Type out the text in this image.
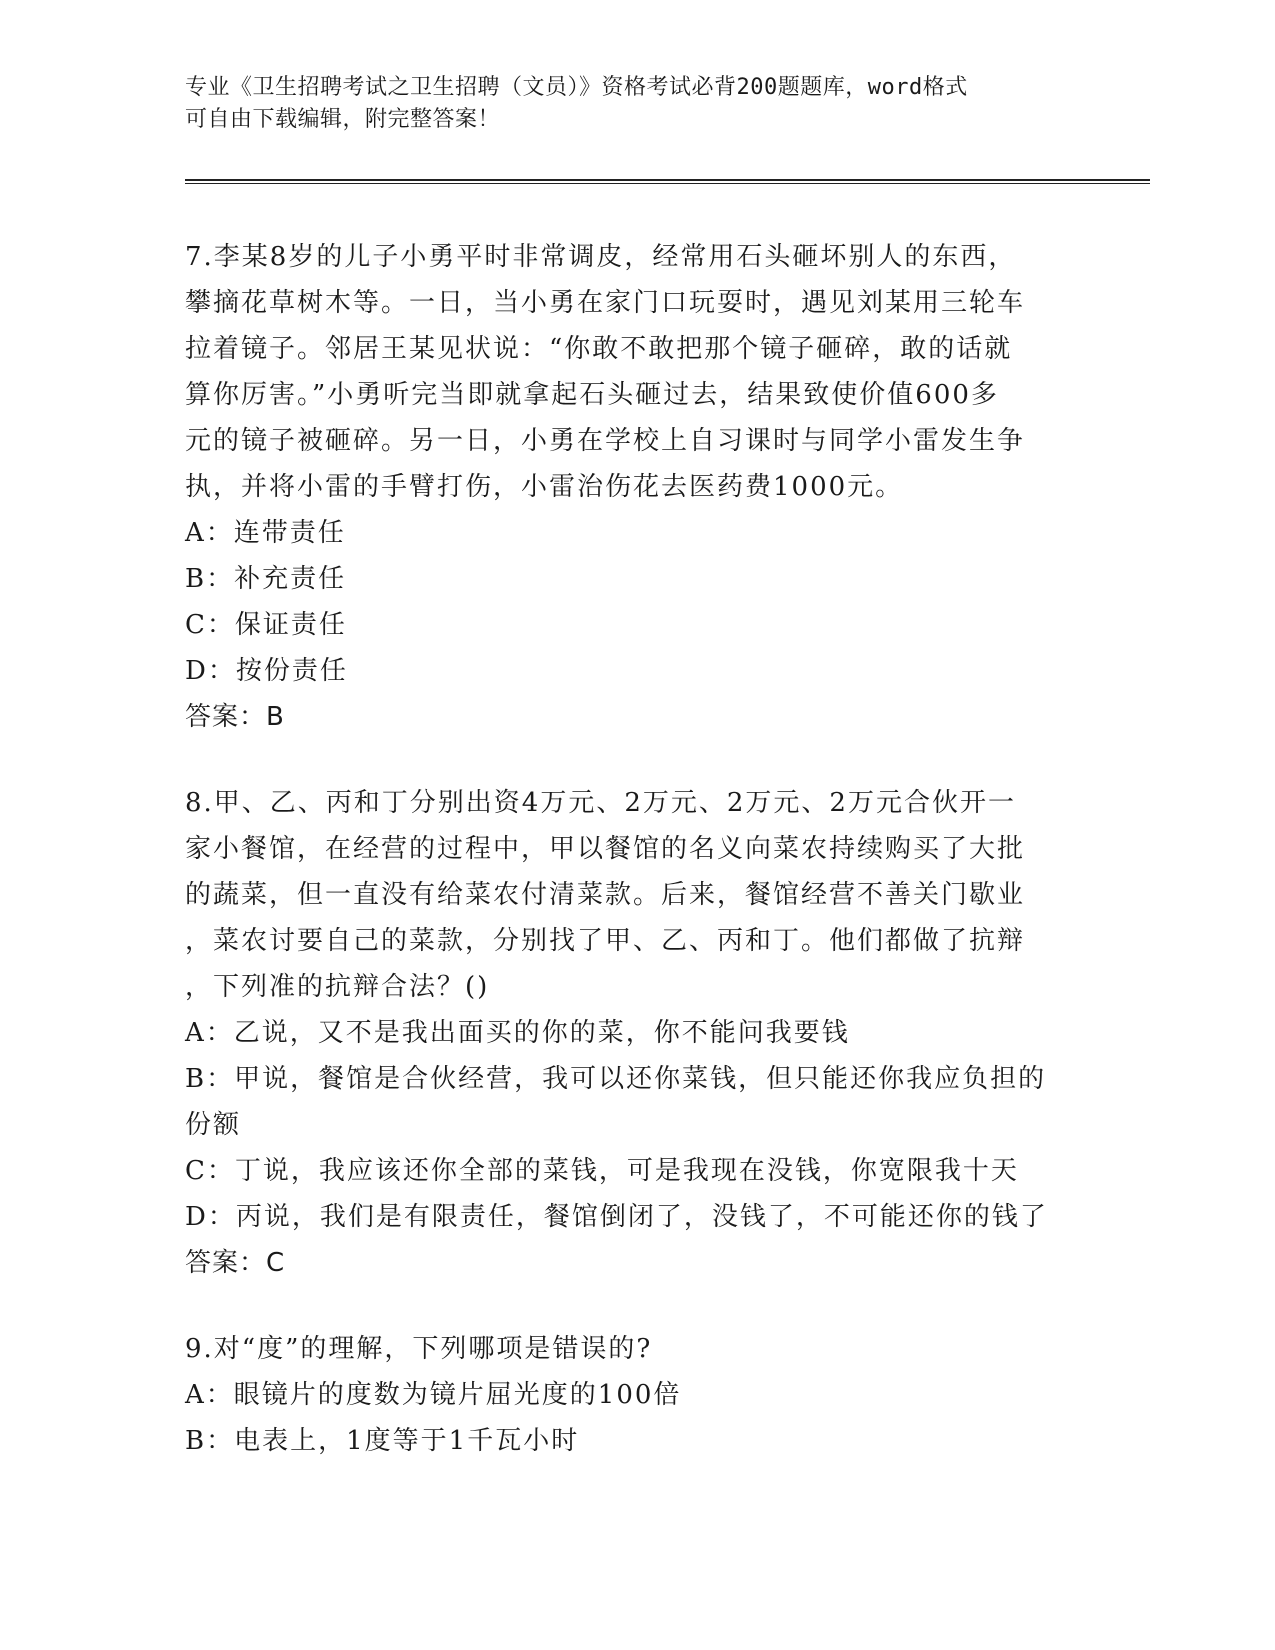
专业《卫生招聘考试之卫生招聘（文员）》资格考试必背200题题库，word格式
可自由下载编辑，附完整答案！
7.李某8岁的儿子小勇平时非常调皮，经常用石头砸坏别人的东西，
攀摘花草树木等。一日，当小勇在家门口玩耍时，遇见刘某用三轮车
拉着镜子。邻居王某见状说：“你敢不敢把那个镜子砸碎，敢的话就
算你厉害。”小勇听完当即就拿起石头砸过去，结果致使价值600多
元的镜子被砸碎。另一日，小勇在学校上自习课时与同学小雷发生争
执，并将小雷的手臂打伤，小雷治伤花去医药费1000元。
A：连带责任
B：补充责任
C：保证责任
D：按份责任
答案：B
8.甲、乙、丙和丁分别出资4万元、2万元、2万元、2万元合伙开一
家小餐馆，在经营的过程中，甲以餐馆的名义向菜农持续购买了大批
的蔬菜，但一直没有给菜农付清菜款。后来，餐馆经营不善关门歇业
，菜农讨要自己的菜款，分别找了甲、乙、丙和丁。他们都做了抗辩
，下列准的抗辩合法？()
A：乙说，又不是我出面买的你的菜，你不能问我要钱
B：甲说，餐馆是合伙经营，我可以还你菜钱，但只能还你我应负担的
份额
C：丁说，我应该还你全部的菜钱，可是我现在没钱，你宽限我十天
D：丙说，我们是有限责任，餐馆倒闭了，没钱了，不可能还你的钱了
答案：C
9.对“度”的理解，下列哪项是错误的?
A：眼镜片的度数为镜片屈光度的100倍
B：电表上，1度等于1千瓦小时
